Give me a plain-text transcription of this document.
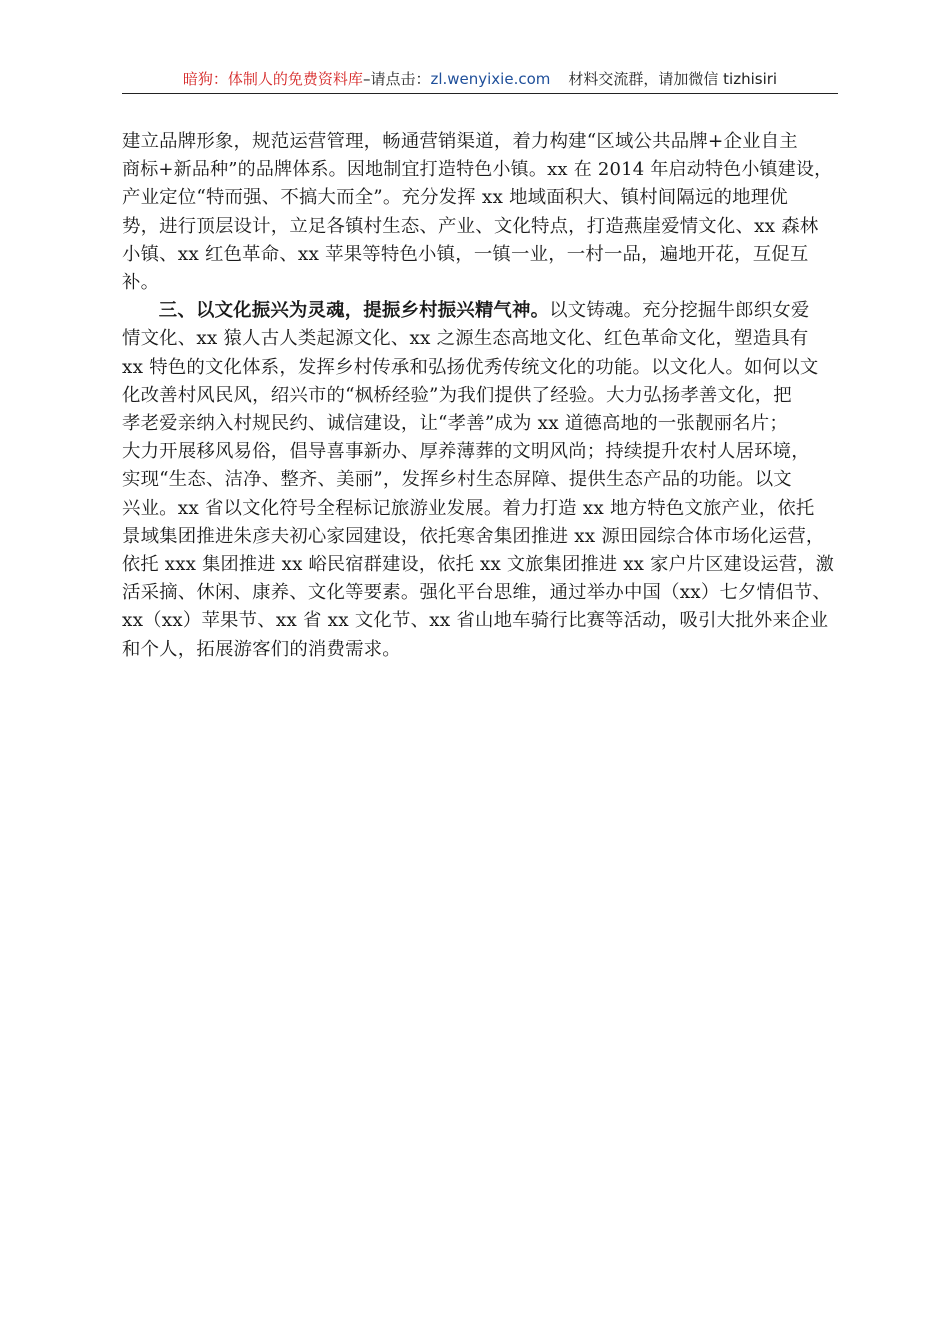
暗狗：体制人的免费资料库–请点击：zl.wenyixie.com 材料交流群，请加微信 tizhisiri

建立品牌形象，规范运营管理，畅通营销渠道，着力构建“区域公共品牌+企业自主
商标+新品种”的品牌体系。因地制宜打造特色小镇。xx 在 2014 年启动特色小镇建设，
产业定位“特而强、不搞大而全”。充分发挥 xx 地域面积大、镇村间隔远的地理优
势，进行顶层设计，立足各镇村生态、产业、文化特点，打造燕崖爱情文化、xx 森林
小镇、xx 红色革命、xx 苹果等特色小镇，一镇一业，一村一品，遍地开花，互促互
补。

三、以文化振兴为灵魂，提振乡村振兴精气神。以文铸魂。充分挖掘牛郎织女爱
情文化、xx 猿人古人类起源文化、xx 之源生态高地文化、红色革命文化，塑造具有
xx 特色的文化体系，发挥乡村传承和弘扬优秀传统文化的功能。以文化人。如何以文
化改善村风民风，绍兴市的“枫桥经验”为我们提供了经验。大力弘扬孝善文化，把
孝老爱亲纳入村规民约、诚信建设，让“孝善”成为 xx 道德高地的一张靓丽名片；
大力开展移风易俗，倡导喜事新办、厚养薄葬的文明风尚；持续提升农村人居环境，
实现“生态、洁净、整齐、美丽”，发挥乡村生态屏障、提供生态产品的功能。以文
兴业。xx 省以文化符号全程标记旅游业发展。着力打造 xx 地方特色文旅产业，依托
景域集团推进朱彦夫初心家园建设，依托寒舍集团推进 xx 源田园综合体市场化运营，
依托 xxx 集团推进 xx 峪民宿群建设，依托 xx 文旅集团推进 xx 家户片区建设运营，激
活采摘、休闲、康养、文化等要素。强化平台思维，通过举办中国（xx）七夕情侣节、
xx（xx）苹果节、xx 省 xx 文化节、xx 省山地车骑行比赛等活动，吸引大批外来企业
和个人，拓展游客们的消费需求。
